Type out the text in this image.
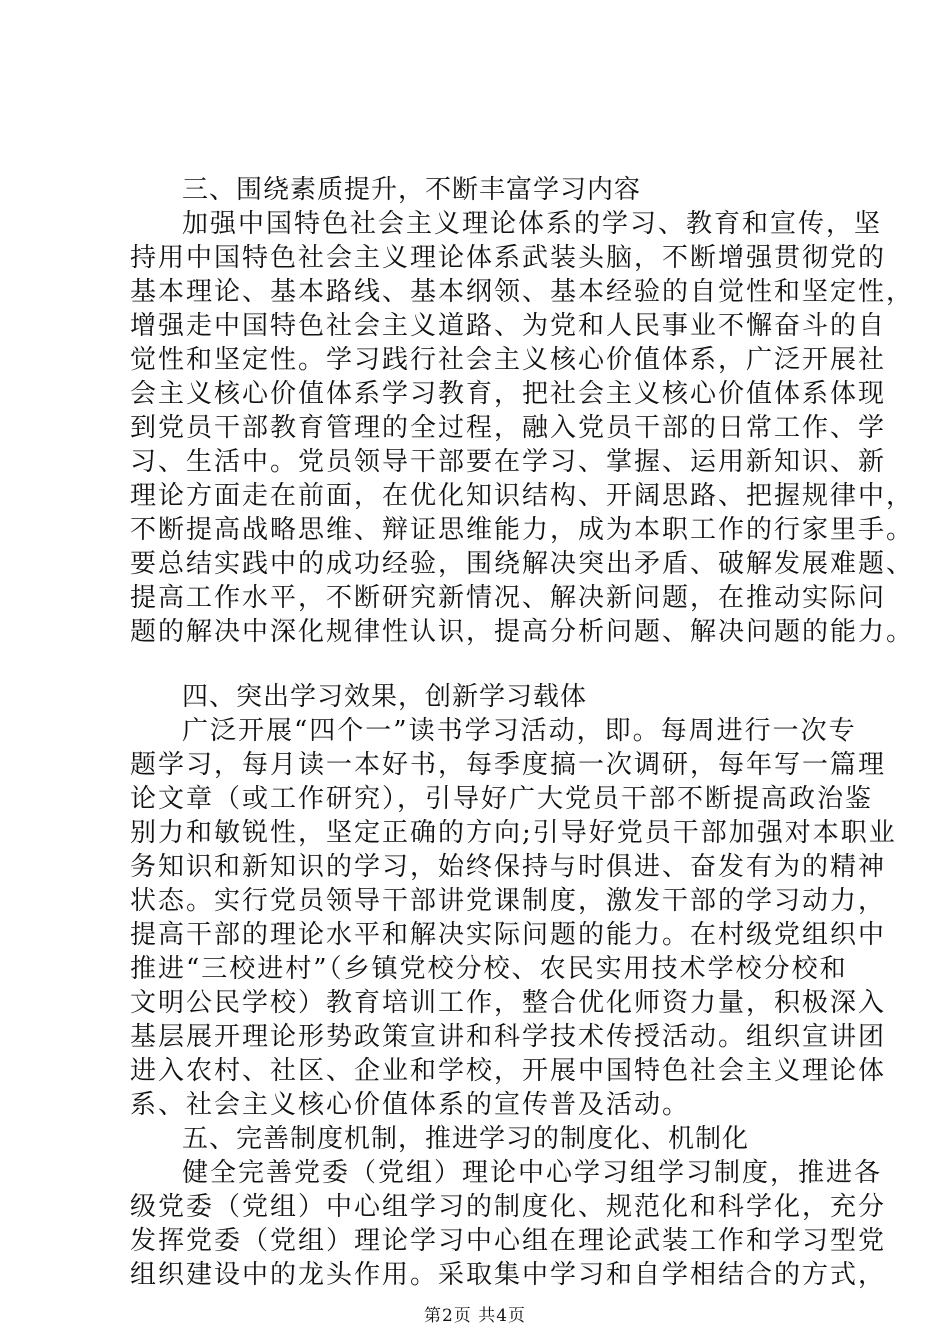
三、围绕素质提升，不断丰富学习内容
加强中国特色社会主义理论体系的学习、教育和宣传，坚
持用中国特色社会主义理论体系武装头脑，不断增强贯彻党的
基本理论、基本路线、基本纲领、基本经验的自觉性和坚定性，
增强走中国特色社会主义道路、为党和人民事业不懈奋斗的自
觉性和坚定性。学习践行社会主义核心价值体系，广泛开展社
会主义核心价值体系学习教育，把社会主义核心价值体系体现
到党员干部教育管理的全过程，融入党员干部的日常工作、学
习、生活中。党员领导干部要在学习、掌握、运用新知识、新
理论方面走在前面，在优化知识结构、开阔思路、把握规律中，
不断提高战略思维、辩证思维能力，成为本职工作的行家里手。
要总结实践中的成功经验，围绕解决突出矛盾、破解发展难题、
提高工作水平，不断研究新情况、解决新问题，在推动实际问
题的解决中深化规律性认识，提高分析问题、解决问题的能力。
四、突出学习效果，创新学习载体
广泛开展“四个一”读书学习活动，即。每周进行一次专
题学习，每月读一本好书，每季度搞一次调研，每年写一篇理
论文章（或工作研究），引导好广大党员干部不断提高政治鉴
别力和敏锐性，坚定正确的方向;引导好党员干部加强对本职业
务知识和新知识的学习，始终保持与时俱进、奋发有为的精神
状态。实行党员领导干部讲党课制度，激发干部的学习动力，
提高干部的理论水平和解决实际问题的能力。在村级党组织中
推进“三校进村”（乡镇党校分校、农民实用技术学校分校和
文明公民学校）教育培训工作，整合优化师资力量，积极深入
基层展开理论形势政策宣讲和科学技术传授活动。组织宣讲团
进入农村、社区、企业和学校，开展中国特色社会主义理论体
系、社会主义核心价值体系的宣传普及活动。
五、完善制度机制，推进学习的制度化、机制化
健全完善党委（党组）理论中心学习组学习制度，推进各
级党委（党组）中心组学习的制度化、规范化和科学化，充分
发挥党委（党组）理论学习中心组在理论武装工作和学习型党
组织建设中的龙头作用。采取集中学习和自学相结合的方式，
第2页 共4页
